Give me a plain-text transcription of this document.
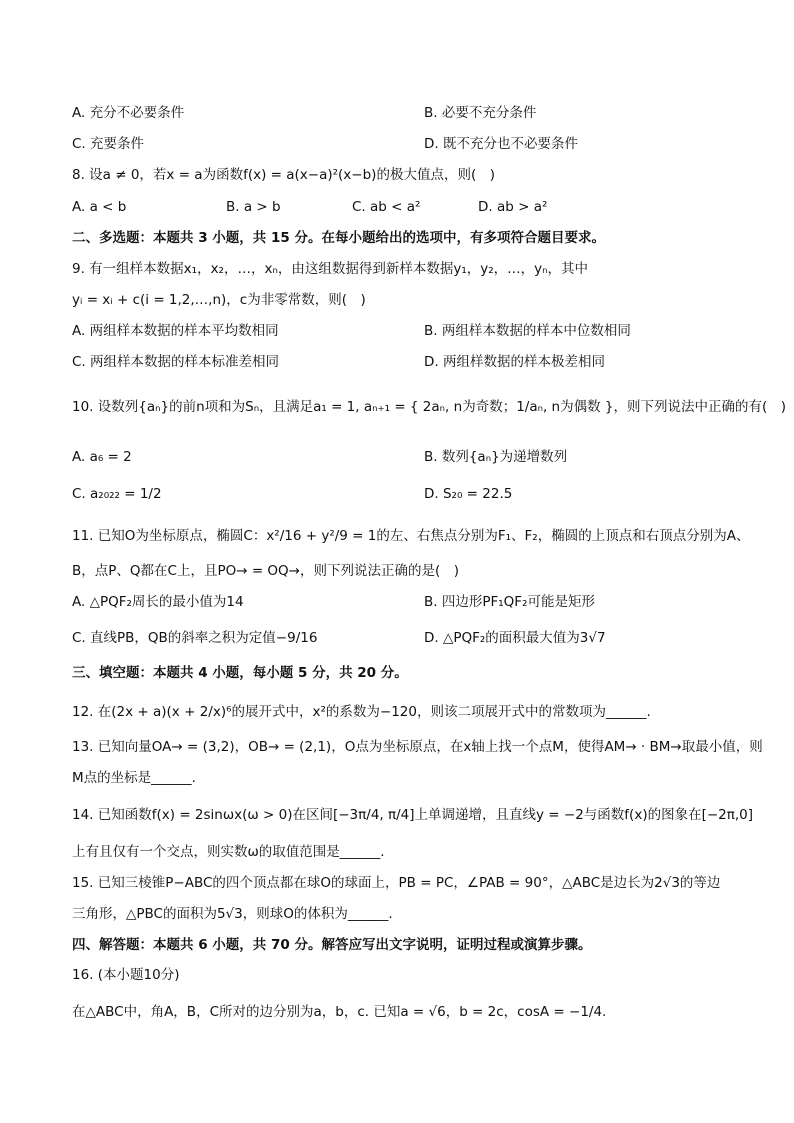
A. 充分不必要条件	B. 必要不充分条件
C. 充要条件	D. 既不充分也不必要条件
8. 设a ≠ 0，若x = a为函数f(x) = a(x−a)²(x−b)的极大值点，则(　)
A. a < b	B. a > b	C. ab < a²	D. ab > a²
二、多选题：本题共 3 小题，共 15 分。在每小题给出的选项中，有多项符合题目要求。
9. 有一组样本数据x₁，x₂，…，xₙ，由这组数据得到新样本数据y₁，y₂，…，yₙ，其中
yᵢ = xᵢ + c(i = 1,2,…,n)，c为非零常数，则(　)
A. 两组样本数据的样本平均数相同	B. 两组样本数据的样本中位数相同
C. 两组样本数据的样本标准差相同	D. 两组样数据的样本极差相同
10. 设数列{aₙ}的前n项和为Sₙ，且满足a₁ = 1, aₙ₊₁ = { 2aₙ, n为奇数；1/aₙ, n为偶数 }，则下列说法中正确的有(　)
A. a₆ = 2	B. 数列{aₙ}为递增数列
C. a₂₀₂₂ = 1/2	D. S₂₀ = 22.5
11. 已知O为坐标原点，椭圆C：x²/16 + y²/9 = 1的左、右焦点分别为F₁、F₂，椭圆的上顶点和右顶点分别为A、
B，点P、Q都在C上，且PO→ = OQ→，则下列说法正确的是(　)
A. △PQF₂周长的最小值为14	B. 四边形PF₁QF₂可能是矩形
C. 直线PB，QB的斜率之积为定值−9/16	D. △PQF₂的面积最大值为3√7
三、填空题：本题共 4 小题，每小题 5 分，共 20 分。
12. 在(2x + a)(x + 2/x)⁶的展开式中，x²的系数为−120，则该二项展开式中的常数项为______.
13. 已知向量OA→ = (3,2)，OB→ = (2,1)，O点为坐标原点，在x轴上找一个点M，使得AM→ · BM→取最小值，则
M点的坐标是______.
14. 已知函数f(x) = 2sinωx(ω > 0)在区间[−3π/4, π/4]上单调递增，且直线y = −2与函数f(x)的图象在[−2π,0]
上有且仅有一个交点，则实数ω的取值范围是______.
15. 已知三棱锥P−ABC的四个顶点都在球O的球面上，PB = PC，∠PAB = 90°，△ABC是边长为2√3的等边
三角形，△PBC的面积为5√3，则球O的体积为______.
四、解答题：本题共 6 小题，共 70 分。解答应写出文字说明，证明过程或演算步骤。
16. (本小题10分)
在△ABC中，角A，B，C所对的边分别为a，b，c. 已知a = √6，b = 2c，cosA = −1/4.
